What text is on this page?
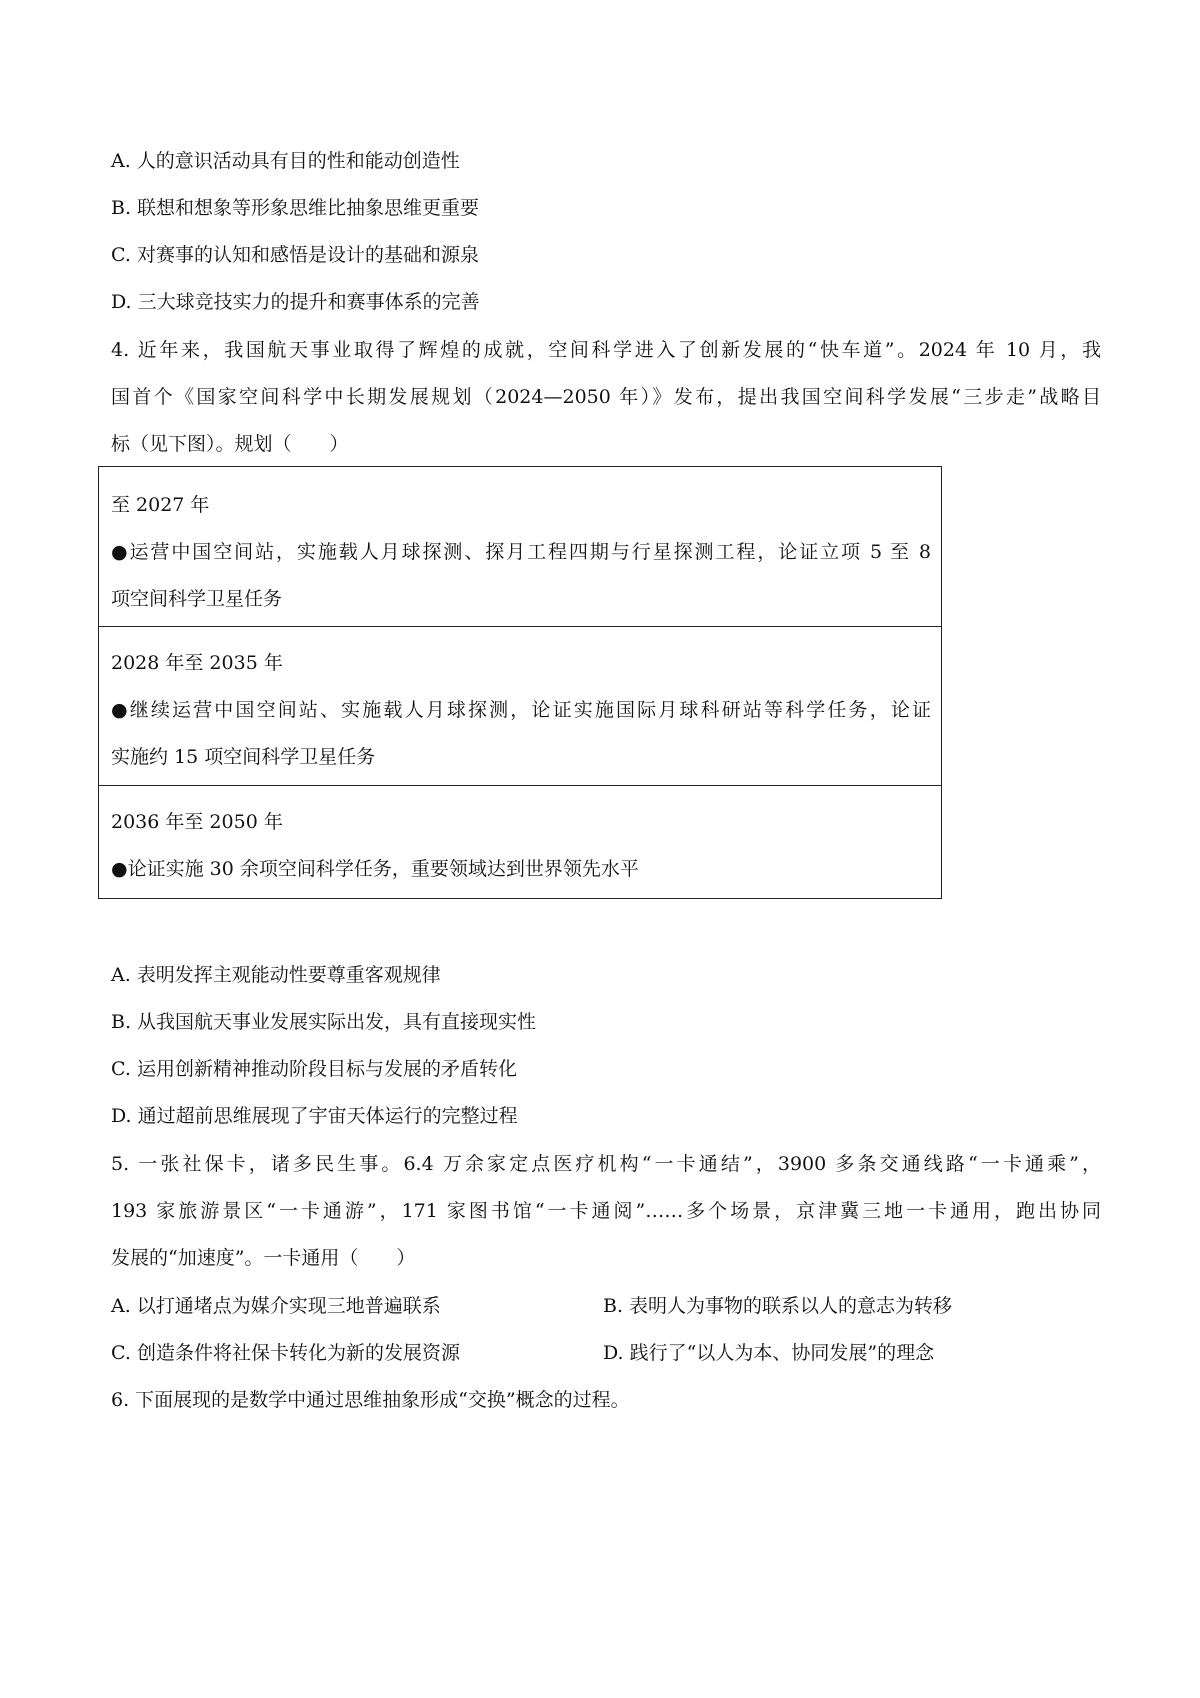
A. 人的意识活动具有目的性和能动创造性
B. 联想和想象等形象思维比抽象思维更重要
C. 对赛事的认知和感悟是设计的基础和源泉
D. 三大球竞技实力的提升和赛事体系的完善
4. 近年来，我国航天事业取得了辉煌的成就，空间科学进入了创新发展的“快车道”。2024 年 10 月，我
国首个《国家空间科学中长期发展规划（2024—2050 年）》发布，提出我国空间科学发展“三步走”战略目
标（见下图）。规划（　　）
至 2027 年
●运营中国空间站，实施载人月球探测、探月工程四期与行星探测工程，论证立项 5 至 8
项空间科学卫星任务
2028 年至 2035 年
●继续运营中国空间站、实施载人月球探测，论证实施国际月球科研站等科学任务，论证
实施约 15 项空间科学卫星任务
2036 年至 2050 年
●论证实施 30 余项空间科学任务，重要领域达到世界领先水平
A. 表明发挥主观能动性要尊重客观规律
B. 从我国航天事业发展实际出发，具有直接现实性
C. 运用创新精神推动阶段目标与发展的矛盾转化
D. 通过超前思维展现了宇宙天体运行的完整过程
5. 一张社保卡，诸多民生事。6.4 万余家定点医疗机构“一卡通结”，3900 多条交通线路“一卡通乘”，
193 家旅游景区“一卡通游”，171 家图书馆“一卡通阅”……多个场景，京津冀三地一卡通用，跑出协同
发展的“加速度”。一卡通用（　　）
A. 以打通堵点为媒介实现三地普遍联系	B. 表明人为事物的联系以人的意志为转移
C. 创造条件将社保卡转化为新的发展资源	D. 践行了“以人为本、协同发展”的理念
6. 下面展现的是数学中通过思维抽象形成“交换”概念的过程。
